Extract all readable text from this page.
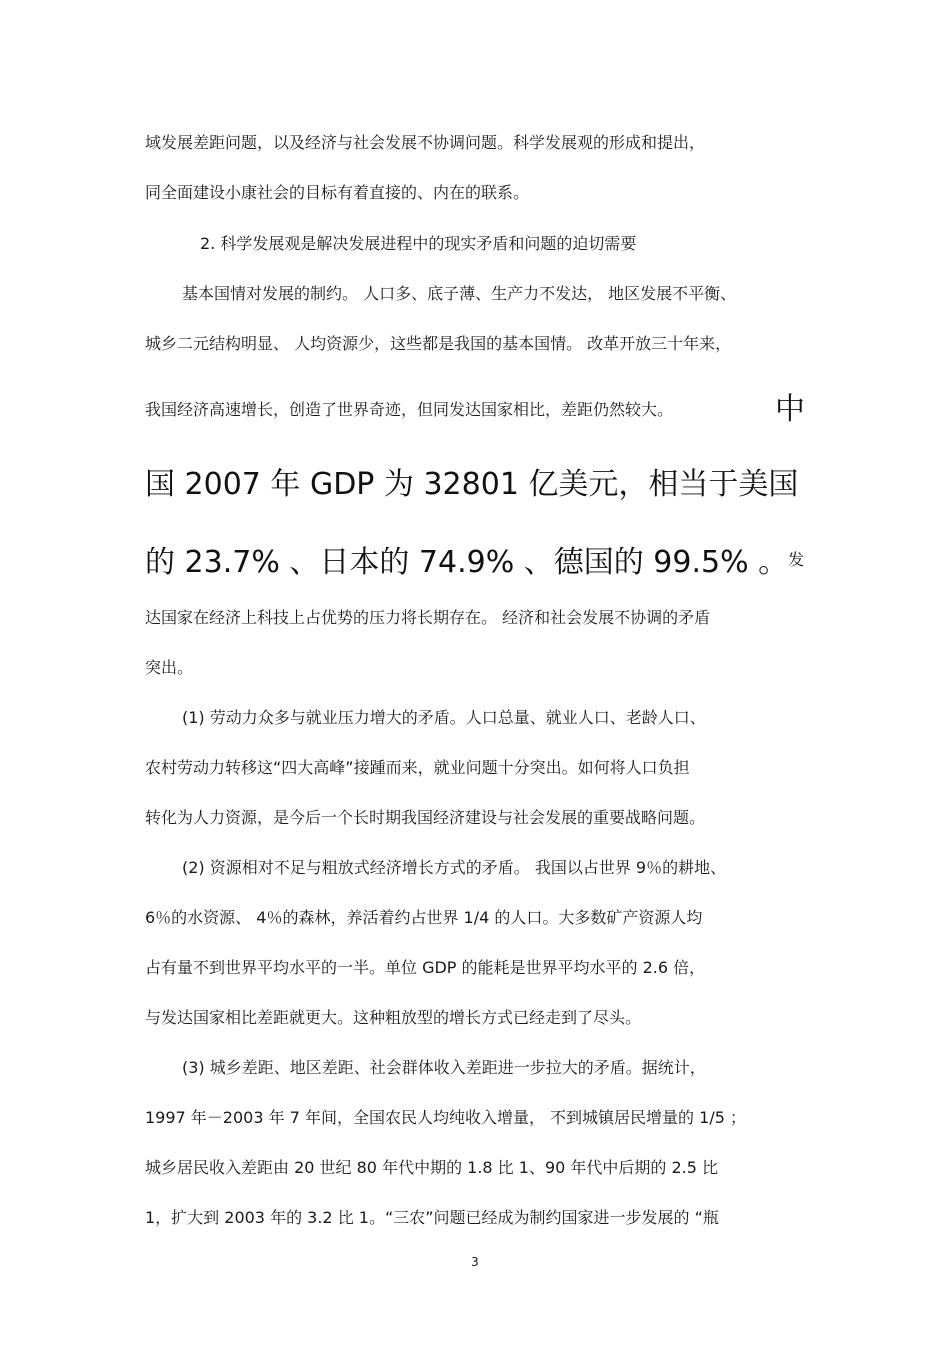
域发展差距问题，以及经济与社会发展不协调问题。科学发展观的形成和提出，
同全面建设小康社会的目标有着直接的、内在的联系。
2. 科学发展观是解决发展进程中的现实矛盾和问题的迫切需要
基本国情对发展的制约。 人口多、底子薄、生产力不发达， 地区发展不平衡、
城乡二元结构明显、 人均资源少，这些都是我国的基本国情。 改革开放三十年来，
我国经济高速增长，创造了世界奇迹，但同发达国家相比，差距仍然较大。	中
国 2007 年 GDP 为 32801 亿美元，相当于美国
的 23.7% 、日本的 74.9% 、德国的 99.5% 。$^发$
达国家在经济上科技上占优势的压力将长期存在。 经济和社会发展不协调的矛盾
突出。
(1) 劳动力众多与就业压力增大的矛盾。人口总量、就业人口、老龄人口、
农村劳动力转移这“四大高峰”接踵而来，就业问题十分突出。如何将人口负担
转化为人力资源，是今后一个长时期我国经济建设与社会发展的重要战略问题。
(2) 资源相对不足与粗放式经济增长方式的矛盾。 我国以占世界 9％的耕地、
6％的水资源、 4％的森林，养活着约占世界 1/4 的人口。大多数矿产资源人均
占有量不到世界平均水平的一半。单位 GDP 的能耗是世界平均水平的 2.6 倍，
与发达国家相比差距就更大。这种粗放型的增长方式已经走到了尽头。
(3) 城乡差距、地区差距、社会群体收入差距进一步拉大的矛盾。据统计，
1997 年－2003 年 7 年间，全国农民人均纯收入增量， 不到城镇居民增量的 1/5 ；
城乡居民收入差距由 20 世纪 80 年代中期的 1.8 比 1、90 年代中后期的 2.5 比
1，扩大到 2003 年的 3.2 比 1。“三农”问题已经成为制约国家进一步发展的 “瓶
3
